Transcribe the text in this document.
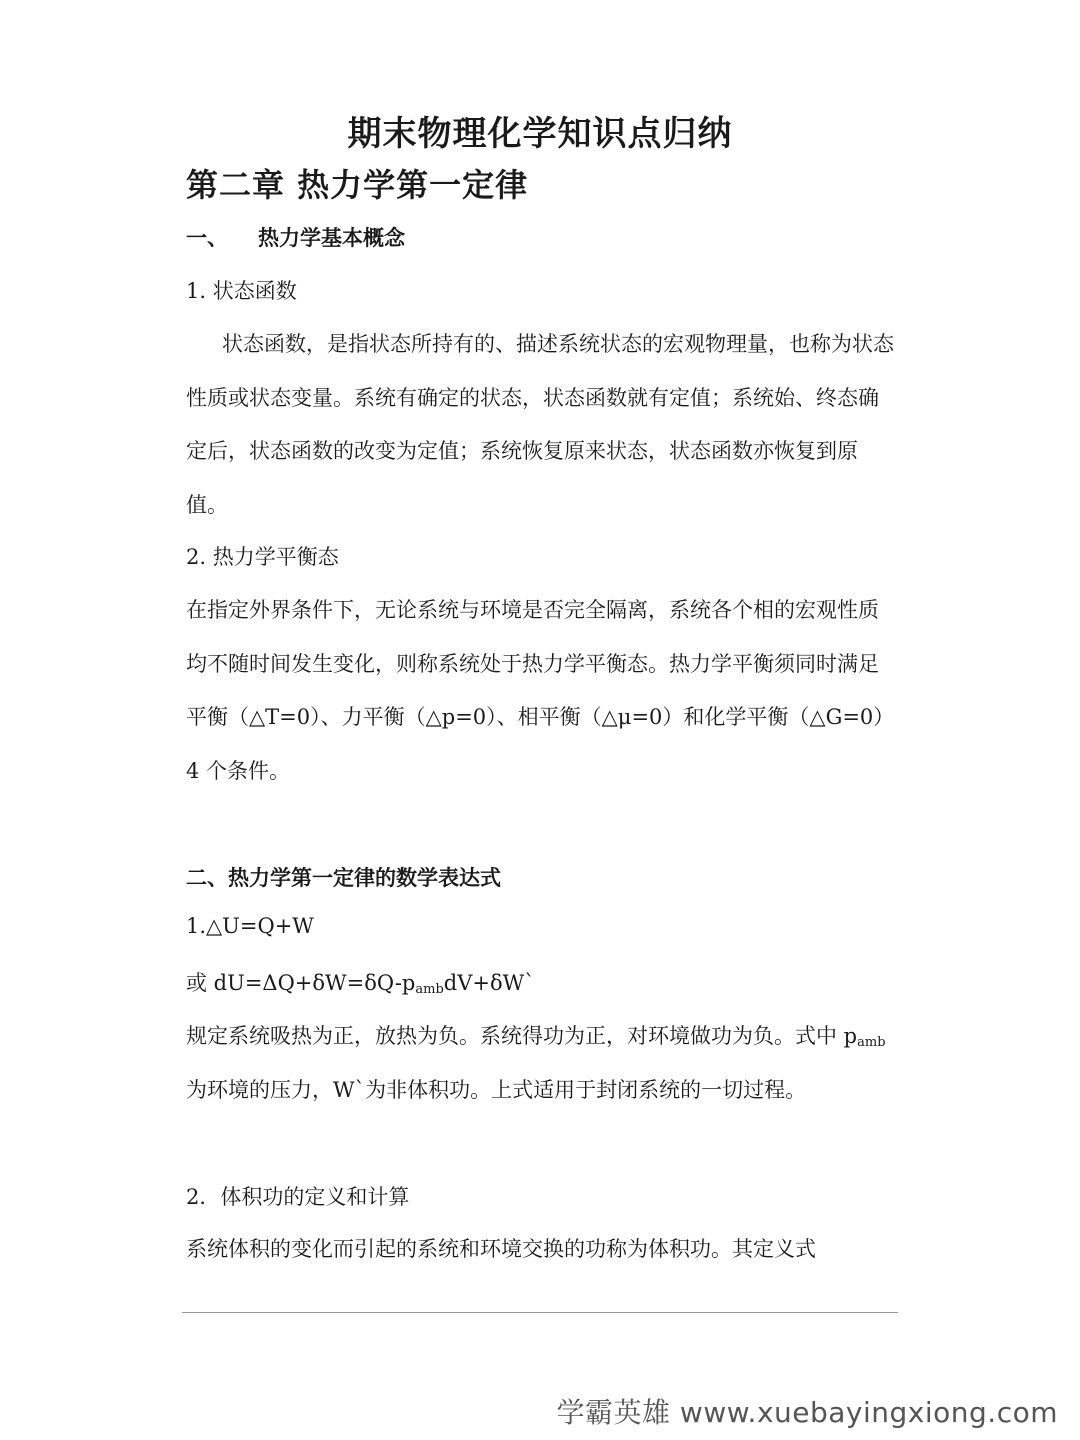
期末物理化学知识点归纳
第二章 热力学第一定律
一、 热力学基本概念
1. 状态函数
状态函数，是指状态所持有的、描述系统状态的宏观物理量，也称为状态性质或状态变量。系统有确定的状态，状态函数就有定值；系统始、终态确定后，状态函数的改变为定值；系统恢复原来状态，状态函数亦恢复到原值。
2. 热力学平衡态
在指定外界条件下，无论系统与环境是否完全隔离，系统各个相的宏观性质均不随时间发生变化，则称系统处于热力学平衡态。热力学平衡须同时满足平衡（△T=0）、力平衡（△p=0）、相平衡（△μ=0）和化学平衡（△G=0）4 个条件。
二、热力学第一定律的数学表达式
1.△U=Q+W
或 $dU=\Delta Q+\delta W=\delta Q-p_{amb}dV+\delta W`$
规定系统吸热为正，放热为负。系统得功为正，对环境做功为负。式中 $p_{amb}$为环境的压力，W`为非体积功。上式适用于封闭系统的一切过程。
2．体积功的定义和计算
系统体积的变化而引起的系统和环境交换的功称为体积功。其定义式
学霸英雄 www.xuebayingxiong.com
